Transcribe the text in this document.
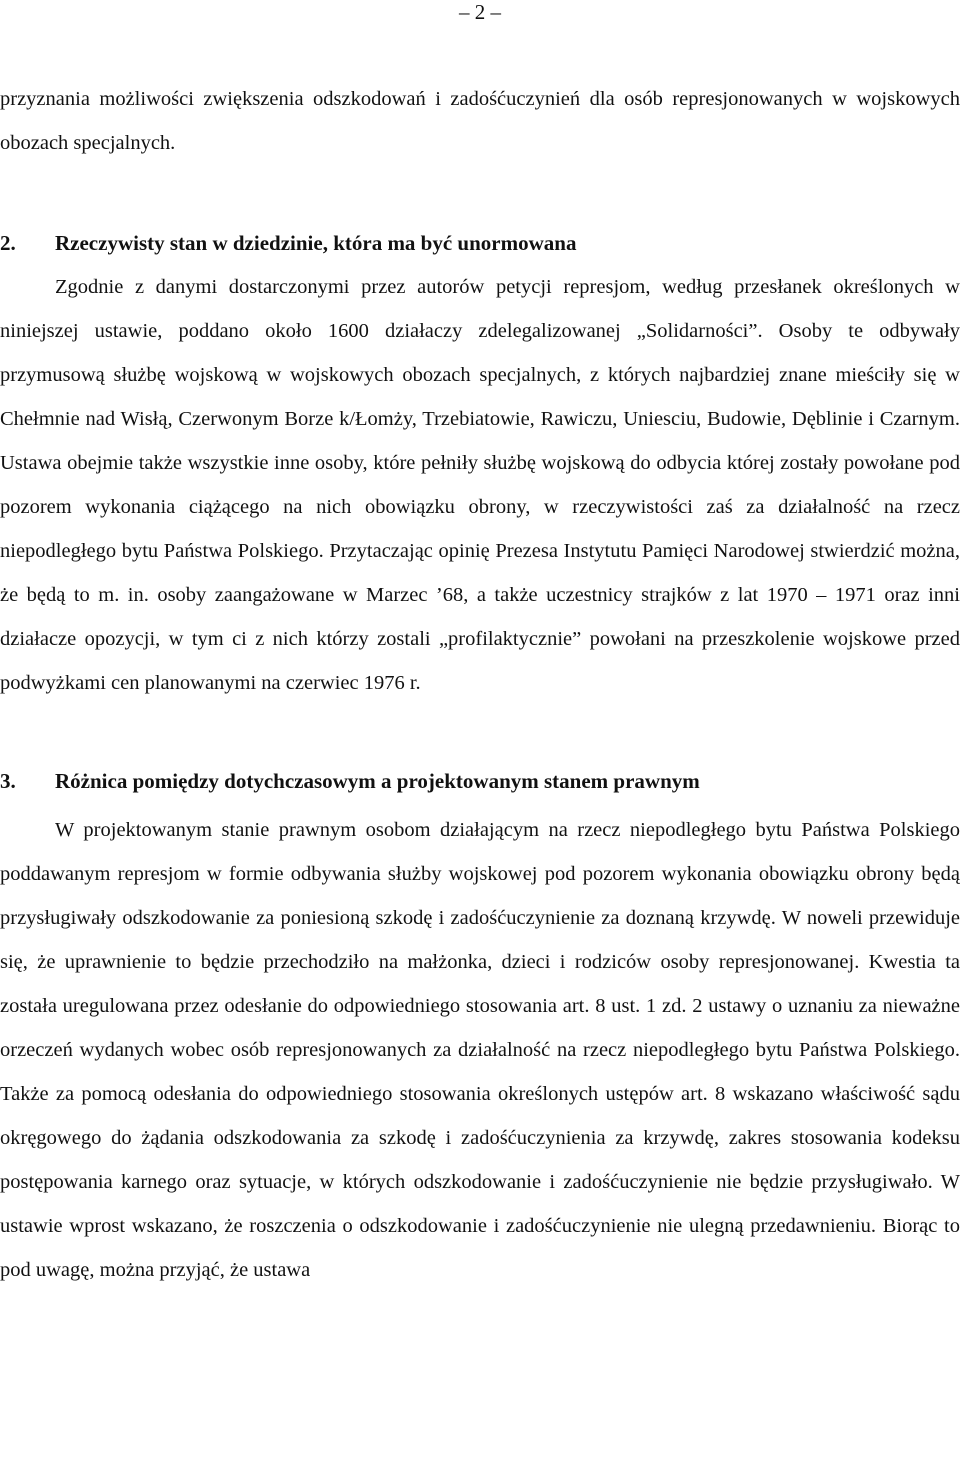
– 2 –

przyznania możliwości zwiększenia odszkodowań i zadośćuczynień dla osób represjonowanych w wojskowych obozach specjalnych.

2.	Rzeczywisty stan w dziedzinie, która ma być unormowana

Zgodnie z danymi dostarczonymi przez autorów petycji represjom, według przesłanek określonych w niniejszej ustawie, poddano około 1600 działaczy zdelegalizowanej „Solidarności”. Osoby te odbywały przymusową służbę wojskową w wojskowych obozach specjalnych, z których najbardziej znane mieściły się w Chełmnie nad Wisłą, Czerwonym Borze k/Łomży, Trzebiatowie, Rawiczu, Uniesciu, Budowie, Dęblinie i Czarnym. Ustawa obejmie także wszystkie inne osoby, które pełniły służbę wojskową do odbycia której zostały powołane pod pozorem wykonania ciążącego na nich obowiązku obrony, w rzeczywistości zaś za działalność na rzecz niepodległego bytu Państwa Polskiego. Przytaczając opinię Prezesa Instytutu Pamięci Narodowej stwierdzić można, że będą to m. in. osoby zaangażowane w Marzec ’68, a także uczestnicy strajków z lat 1970 – 1971 oraz inni działacze opozycji, w tym ci z nich którzy zostali „profilaktycznie” powołani na przeszkolenie wojskowe przed podwyżkami cen planowanymi na czerwiec 1976 r.

3.	Różnica pomiędzy dotychczasowym a projektowanym stanem prawnym

W projektowanym stanie prawnym osobom działającym na rzecz niepodległego bytu Państwa Polskiego poddawanym represjom w formie odbywania służby wojskowej pod pozorem wykonania obowiązku obrony będą przysługiwały odszkodowanie za poniesioną szkodę i zadośćuczynienie za doznaną krzywdę. W noweli przewiduje się, że uprawnienie to będzie przechodziło na małżonka, dzieci i rodziców osoby represjonowanej. Kwestia ta została uregulowana przez odesłanie do odpowiedniego stosowania art. 8 ust. 1 zd. 2 ustawy o uznaniu za nieważne orzeczeń wydanych wobec osób represjonowanych za działalność na rzecz niepodległego bytu Państwa Polskiego. Także za pomocą odesłania do odpowiedniego stosowania określonych ustępów art. 8 wskazano właściwość sądu okręgowego do żądania odszkodowania za szkodę i zadośćuczynienia za krzywdę, zakres stosowania kodeksu postępowania karnego oraz sytuacje, w których odszkodowanie i zadośćuczynienie nie będzie przysługiwało. W ustawie wprost wskazano, że roszczenia o odszkodowanie i zadośćuczynienie nie ulegną przedawnieniu. Biorąc to pod uwagę, można przyjąć, że ustawa
